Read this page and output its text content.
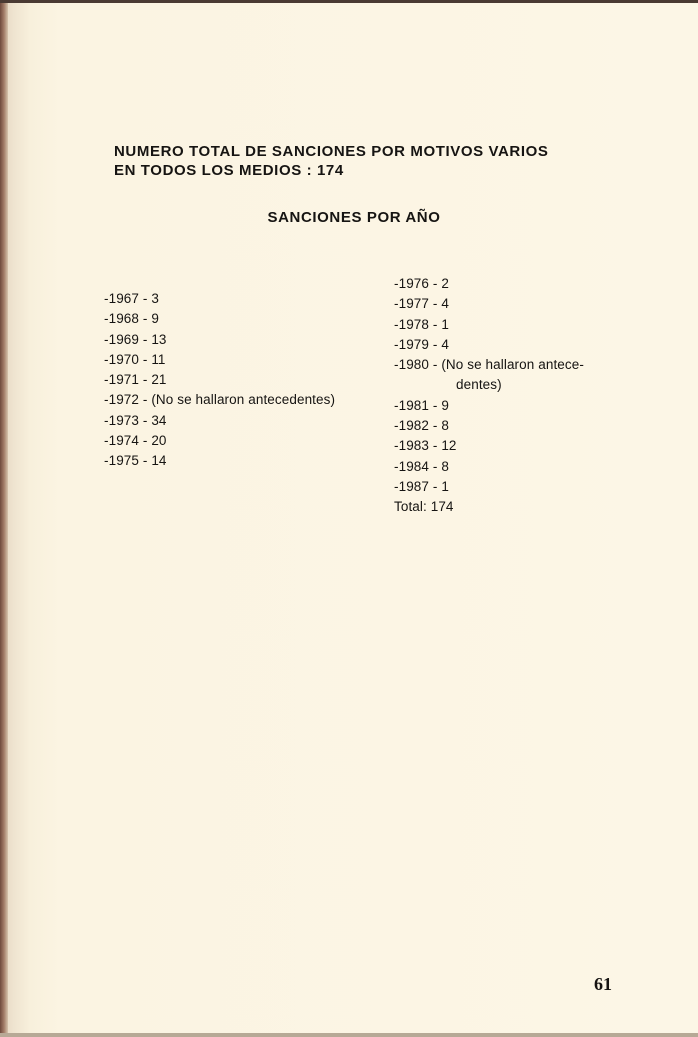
NUMERO TOTAL DE SANCIONES POR MOTIVOS VARIOS
EN TODOS LOS MEDIOS : 174
SANCIONES POR AÑO
-1967 - 3
-1968 - 9
-1969 - 13
-1970 - 11
-1971 - 21
-1972 - (No se hallaron antecedentes)
-1973 - 34
-1974 - 20
-1975 - 14
-1976 - 2
-1977 - 4
-1978 - 1
-1979 - 4
-1980 - (No se hallaron antece-
dentes)
-1981 - 9
-1982 - 8
-1983 - 12
-1984 - 8
-1987 - 1
Total: 174
61
